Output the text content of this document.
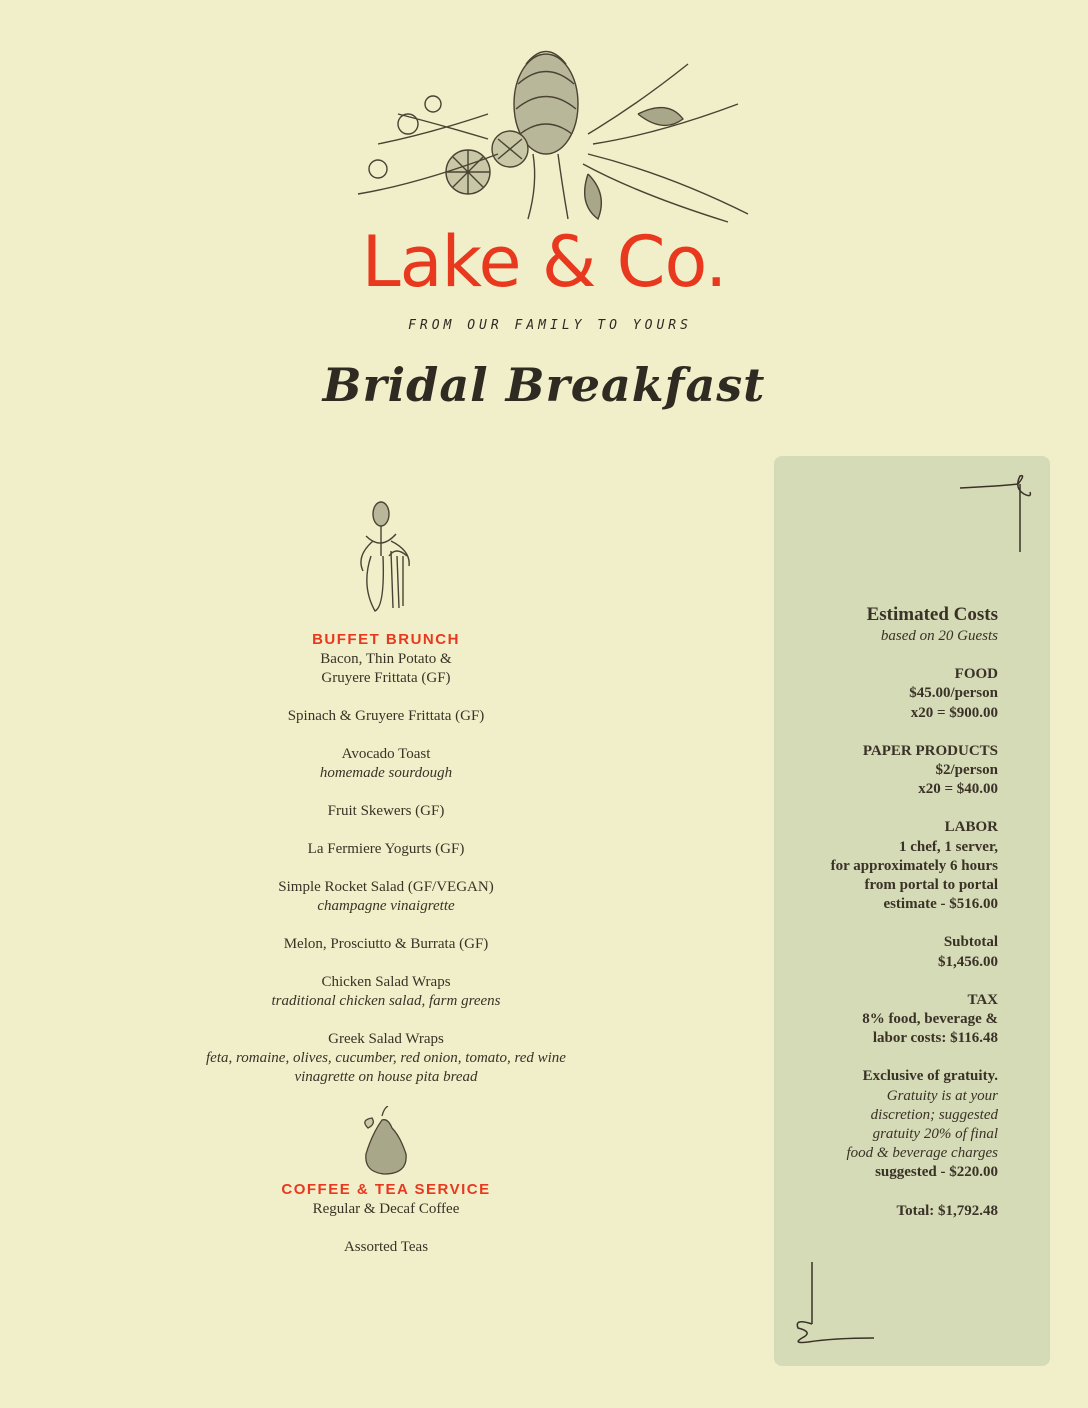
Lake & Co.
FROM OUR FAMILY TO YOURS
Bridal Breakfast
BUFFET BRUNCH
Bacon, Thin Potato & Gruyere Frittata (GF)
Spinach & Gruyere Frittata (GF)
Avocado Toast
homemade sourdough
Fruit Skewers (GF)
La Fermiere Yogurts (GF)
Simple Rocket Salad (GF/VEGAN)
champagne vinaigrette
Melon, Prosciutto & Burrata (GF)
Chicken Salad Wraps
traditional chicken salad, farm greens
Greek Salad Wraps
feta, romaine, olives, cucumber, red onion, tomato, red wine vinagrette on house pita bread
COFFEE & TEA SERVICE
Regular & Decaf Coffee
Assorted Teas
Estimated Costs
based on 20 Guests
FOOD
$45.00/person
x20 = $900.00
PAPER PRODUCTS
$2/person
x20 = $40.00
LABOR
1 chef, 1 server,
for approximately 6 hours
from portal to portal
estimate - $516.00
Subtotal
$1,456.00
TAX
8% food, beverage &
labor costs: $116.48
Exclusive of gratuity.
Gratuity is at your
discretion; suggested
gratuity 20% of final
food & beverage charges
suggested - $220.00
Total: $1,792.48
